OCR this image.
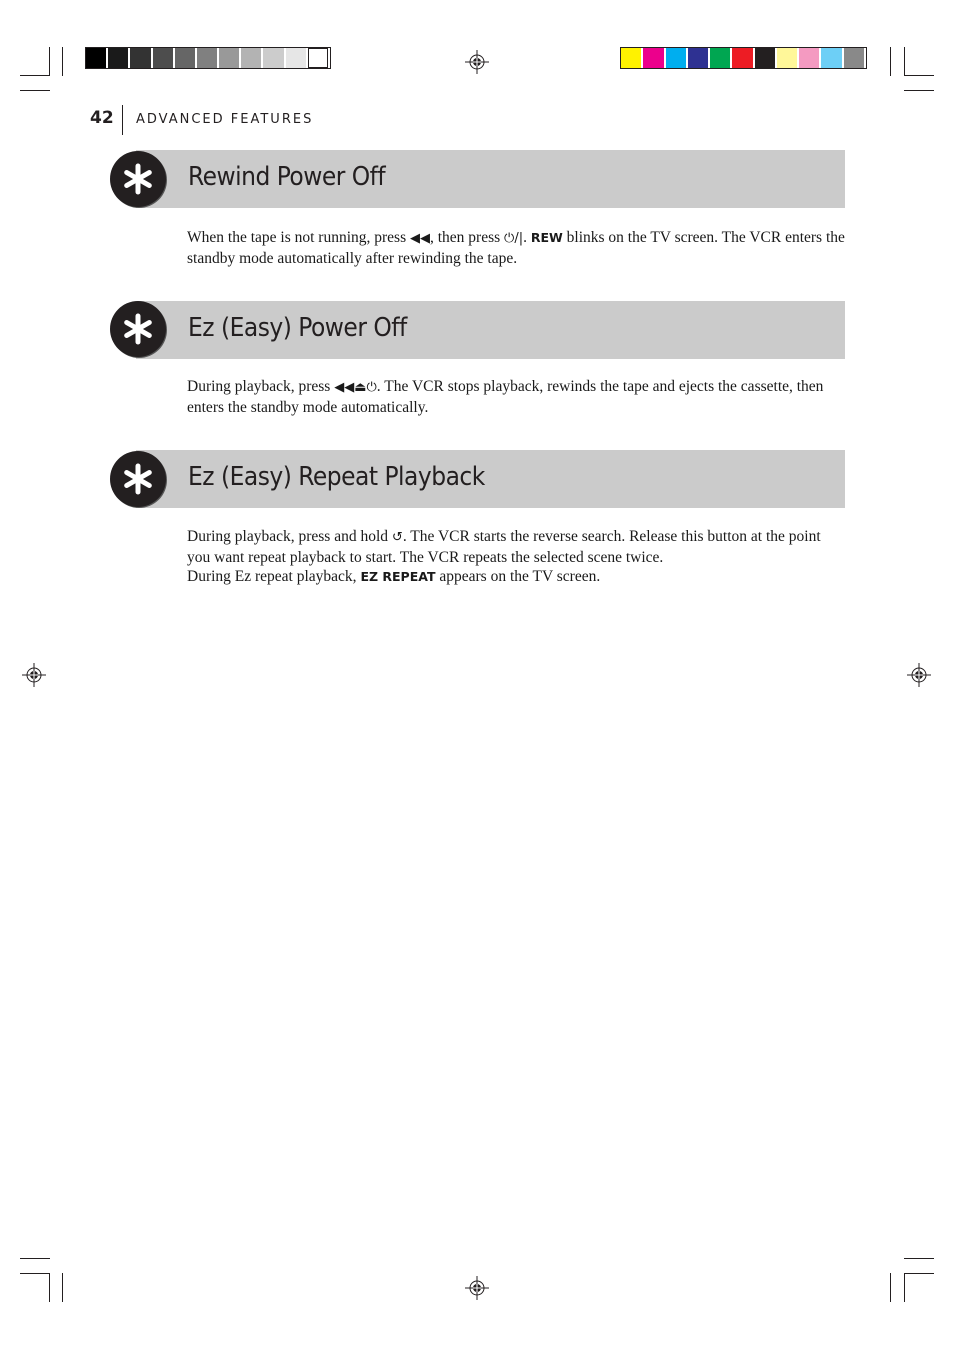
42 ADVANCED FEATURES
Rewind Power Off
When the tape is not running, press ◀◀, then press ⏻/|. REW blinks on the TV screen. The VCR enters the standby mode automatically after rewinding the tape.
Ez (Easy) Power Off
During playback, press ◀◀⏏⏻. The VCR stops playback, rewinds the tape and ejects the cassette, then enters the standby mode automatically.
Ez (Easy) Repeat Playback
During playback, press and hold ↺. The VCR starts the reverse search. Release this button at the point you want repeat playback to start. The VCR repeats the selected scene twice.
During Ez repeat playback, EZ REPEAT appears on the TV screen.
